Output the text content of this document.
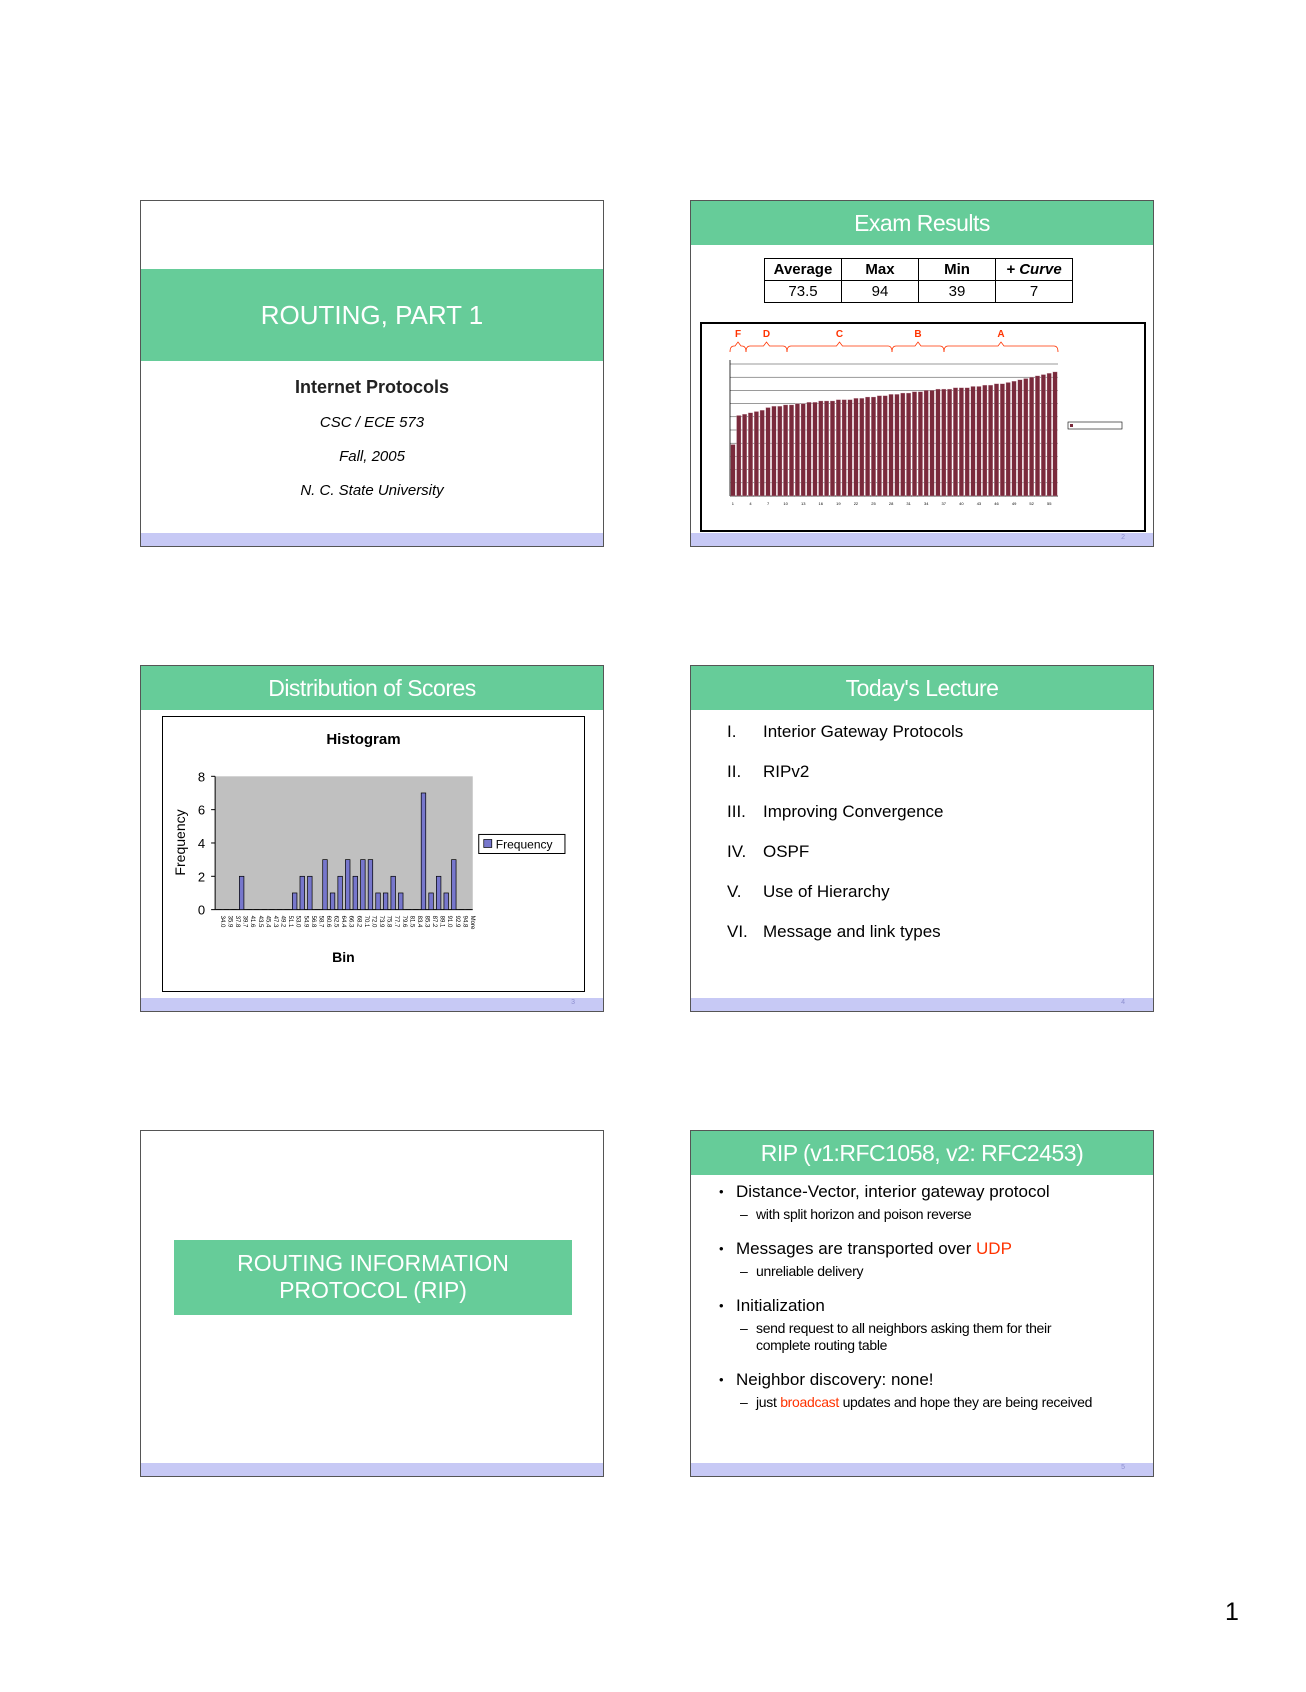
ROUTING, PART 1
Internet Protocols
CSC / ECE 573
Fall, 2005
N. C. State University
Exam Results
Average	Max	Min	+ Curve
73.5	94	39	7
1	4	7	10	13	16	19	22	25	28	31	34	37	40	43	46	49	52	55
F D	C	B	A
2
Distribution of Scores
Histogram
0
2
4
6
8
34.0 35.9 37.8 39.7 41.6 43.5 45.4 47.3 49.2 51.1 53.0 54.9 56.8 58.7 60.6 62.5 64.4 66.3 68.2 70.1 72.0 73.9 75.8 77.7 79.6 81.5 83.4 85.3 87.2 89.1 91.0 92.9 94.8 More
Bin
Frequency	Frequency
3
Today's Lecture
I.	Interior Gateway Protocols
II.	RIPv2
III.	Improving Convergence
IV. OSPF
V.	Use of Hierarchy
VI. Message and link types
4
ROUTING INFORMATION
PROTOCOL (RIP)
RIP (v1:RFC1058, v2: RFC2453)
• Distance-Vector, interior gateway protocol
– with split horizon and poison reverse
• Messages are transported over UDP
– unreliable delivery
• Initialization
– send request to all neighbors asking them for their complete routing table
• Neighbor discovery: none!
– just broadcast updates and hope they are being received
5
1
